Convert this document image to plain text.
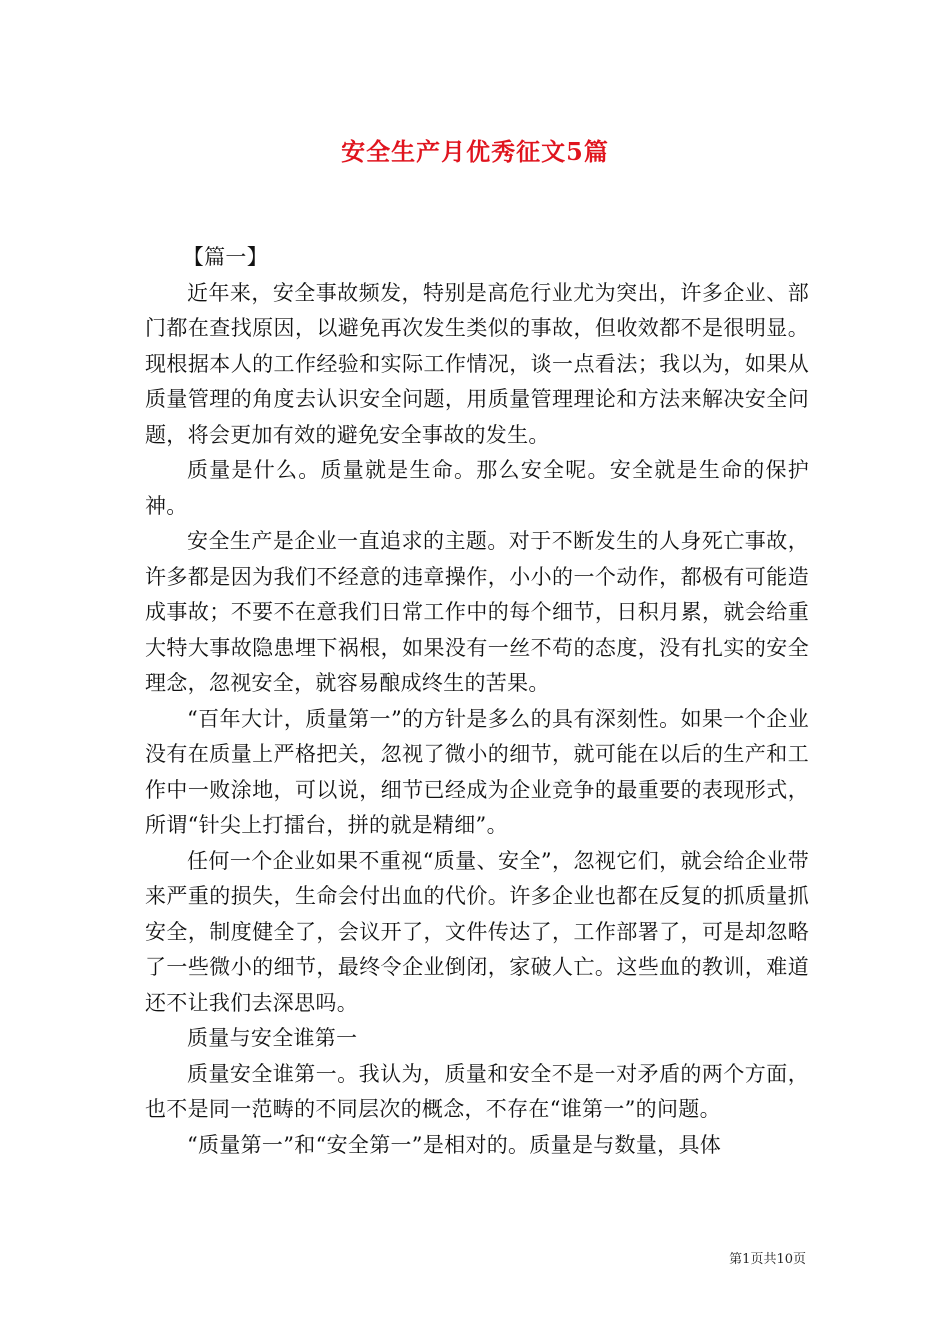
安全生产月优秀征文5篇

【篇一】

近年来，安全事故频发，特别是高危行业尤为突出，许多企业、部门都在查找原因，以避免再次发生类似的事故，但收效都不是很明显。现根据本人的工作经验和实际工作情况，谈一点看法；我以为，如果从质量管理的角度去认识安全问题，用质量管理理论和方法来解决安全问题，将会更加有效的避免安全事故的发生。

质量是什么。质量就是生命。那么安全呢。安全就是生命的保护神。

安全生产是企业一直追求的主题。对于不断发生的人身死亡事故，许多都是因为我们不经意的违章操作，小小的一个动作，都极有可能造成事故；不要不在意我们日常工作中的每个细节，日积月累，就会给重大特大事故隐患埋下祸根，如果没有一丝不苟的态度，没有扎实的安全理念，忽视安全，就容易酿成终生的苦果。

“百年大计，质量第一”的方针是多么的具有深刻性。如果一个企业没有在质量上严格把关，忽视了微小的细节，就可能在以后的生产和工作中一败涂地，可以说，细节已经成为企业竞争的最重要的表现形式，所谓“针尖上打擂台，拼的就是精细”。

任何一个企业如果不重视“质量、安全”，忽视它们，就会给企业带来严重的损失，生命会付出血的代价。许多企业也都在反复的抓质量抓安全，制度健全了，会议开了，文件传达了，工作部署了，可是却忽略了一些微小的细节，最终令企业倒闭，家破人亡。这些血的教训，难道还不让我们去深思吗。

质量与安全谁第一

质量安全谁第一。我认为，质量和安全不是一对矛盾的两个方面，也不是同一范畴的不同层次的概念，不存在“谁第一”的问题。

“质量第一”和“安全第一”是相对的。质量是与数量，具体

第1页共10页
